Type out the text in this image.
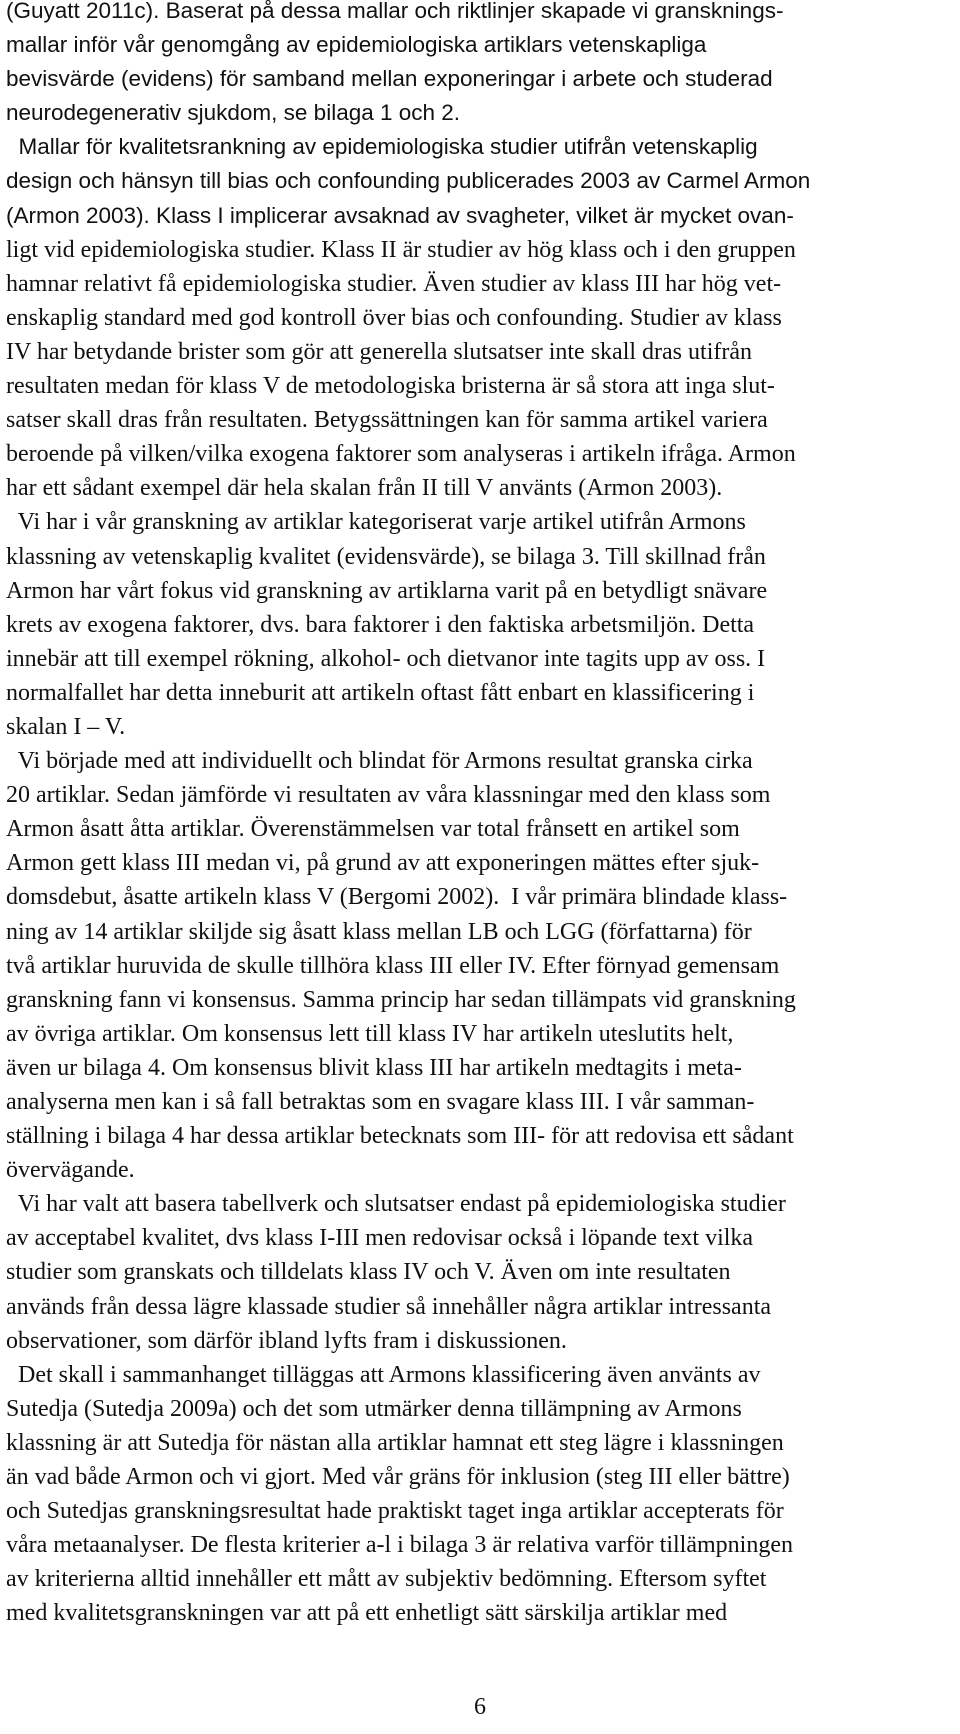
(Guyatt 2011c). Baserat på dessa mallar och riktlinjer skapade vi gransknings-
mallar inför vår genomgång av epidemiologiska artiklars vetenskapliga
bevisvärde (evidens) för samband mellan exponeringar i arbete och studerad
neurodegenerativ sjukdom, se bilaga 1 och 2.
Mallar för kvalitetsrankning av epidemiologiska studier utifrån vetenskaplig
design och hänsyn till bias och confounding publicerades 2003 av Carmel Armon
(Armon 2003). Klass I implicerar avsaknad av svagheter, vilket är mycket ovan-
ligt vid epidemiologiska studier. Klass II är studier av hög klass och i den gruppen
hamnar relativt få epidemiologiska studier. Även studier av klass III har hög vet-
enskaplig standard med god kontroll över bias och confounding. Studier av klass
IV har betydande brister som gör att generella slutsatser inte skall dras utifrån
resultaten medan för klass V de metodologiska bristerna är så stora att inga slut-
satser skall dras från resultaten. Betygssättningen kan för samma artikel variera
beroende på vilken/vilka exogena faktorer som analyseras i artikeln ifråga. Armon
har ett sådant exempel där hela skalan från II till V använts (Armon 2003).
Vi har i vår granskning av artiklar kategoriserat varje artikel utifrån Armons
klassning av vetenskaplig kvalitet (evidensvärde), se bilaga 3. Till skillnad från
Armon har vårt fokus vid granskning av artiklarna varit på en betydligt snävare
krets av exogena faktorer, dvs. bara faktorer i den faktiska arbetsmiljön. Detta
innebär att till exempel rökning, alkohol- och dietvanor inte tagits upp av oss. I
normalfallet har detta inneburit att artikeln oftast fått enbart en klassificering i
skalan I – V.
Vi började med att individuellt och blindat för Armons resultat granska cirka
20 artiklar. Sedan jämförde vi resultaten av våra klassningar med den klass som
Armon åsatt åtta artiklar. Överenstämmelsen var total frånsett en artikel som
Armon gett klass III medan vi, på grund av att exponeringen mättes efter sjuk-
domsdebut, åsatte artikeln klass V (Bergomi 2002).  I vår primära blindade klass-
ning av 14 artiklar skiljde sig åsatt klass mellan LB och LGG (författarna) för
två artiklar huruvida de skulle tillhöra klass III eller IV. Efter förnyad gemensam
granskning fann vi konsensus. Samma princip har sedan tillämpats vid granskning
av övriga artiklar. Om konsensus lett till klass IV har artikeln uteslutits helt,
även ur bilaga 4. Om konsensus blivit klass III har artikeln medtagits i meta-
analyserna men kan i så fall betraktas som en svagare klass III. I vår samman-
ställning i bilaga 4 har dessa artiklar betecknats som III- för att redovisa ett sådant
övervägande.
Vi har valt att basera tabellverk och slutsatser endast på epidemiologiska studier
av acceptabel kvalitet, dvs klass I-III men redovisar också i löpande text vilka
studier som granskats och tilldelats klass IV och V. Även om inte resultaten
används från dessa lägre klassade studier så innehåller några artiklar intressanta
observationer, som därför ibland lyfts fram i diskussionen.
Det skall i sammanhanget tilläggas att Armons klassificering även använts av
Sutedja (Sutedja 2009a) och det som utmärker denna tillämpning av Armons
klassning är att Sutedja för nästan alla artiklar hamnat ett steg lägre i klassningen
än vad både Armon och vi gjort. Med vår gräns för inklusion (steg III eller bättre)
och Sutedjas granskningsresultat hade praktiskt taget inga artiklar accepterats för
våra metaanalyser. De flesta kriterier a-l i bilaga 3 är relativa varför tillämpningen
av kriterierna alltid innehåller ett mått av subjektiv bedömning. Eftersom syftet
med kvalitetsgranskningen var att på ett enhetligt sätt särskilja artiklar med
6
